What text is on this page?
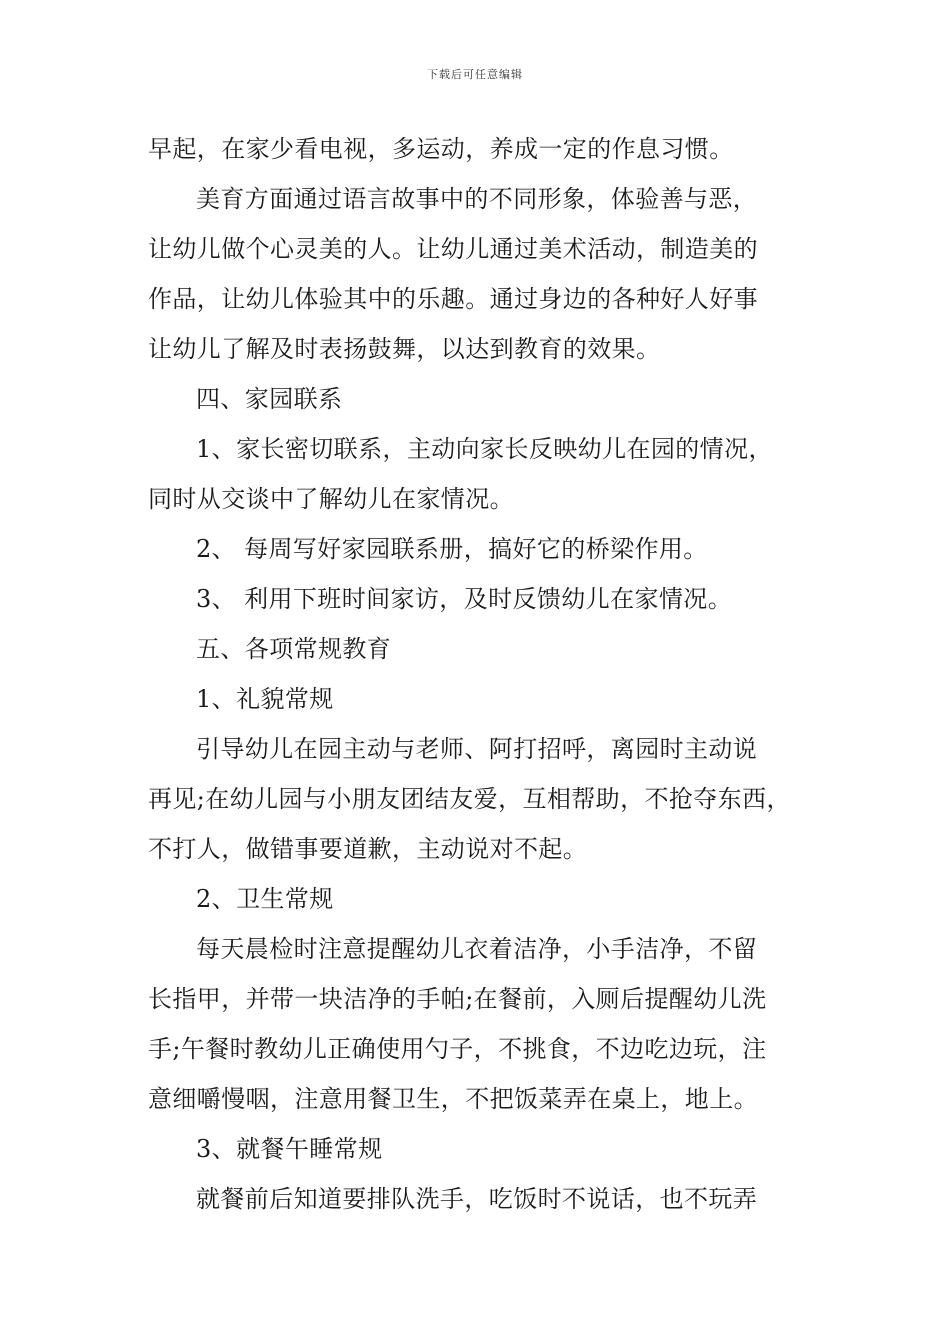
下载后可任意编辑
早起，在家少看电视，多运动，养成一定的作息习惯。
美育方面通过语言故事中的不同形象，体验善与恶，
让幼儿做个心灵美的人。让幼儿通过美术活动，制造美的
作品，让幼儿体验其中的乐趣。通过身边的各种好人好事
让幼儿了解及时表扬鼓舞，以达到教育的效果。
四、家园联系
1、家长密切联系，主动向家长反映幼儿在园的情况，
同时从交谈中了解幼儿在家情况。
2、 每周写好家园联系册，搞好它的桥梁作用。
3、 利用下班时间家访，及时反馈幼儿在家情况。
五、各项常规教育
1、礼貌常规
引导幼儿在园主动与老师、阿打招呼，离园时主动说
再见;在幼儿园与小朋友团结友爱，互相帮助，不抢夺东西，
不打人，做错事要道歉，主动说对不起。
2、卫生常规
每天晨检时注意提醒幼儿衣着洁净，小手洁净，不留
长指甲，并带一块洁净的手帕;在餐前，入厕后提醒幼儿洗
手;午餐时教幼儿正确使用勺子，不挑食，不边吃边玩，注
意细嚼慢咽，注意用餐卫生，不把饭菜弄在桌上，地上。
3、就餐午睡常规
就餐前后知道要排队洗手，吃饭时不说话，也不玩弄
